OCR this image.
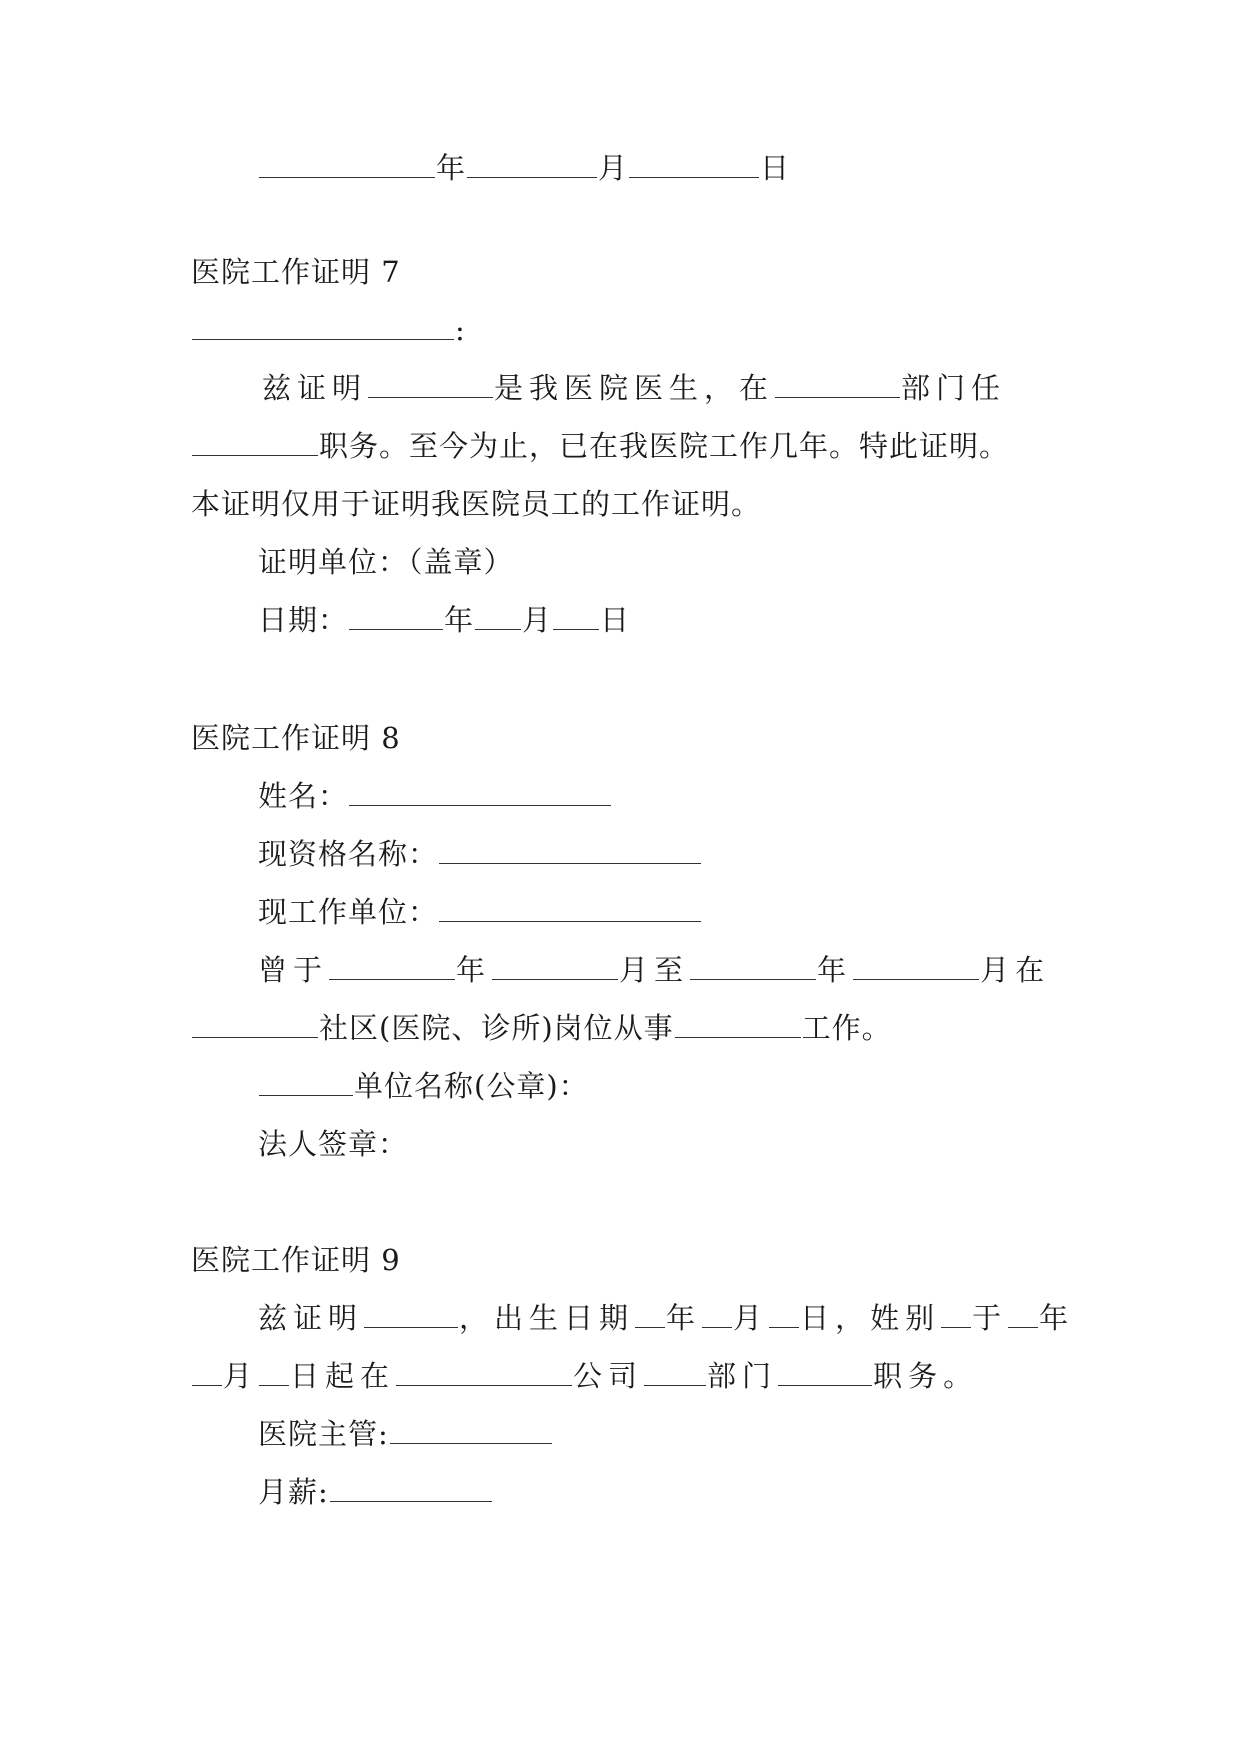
年	月	日
医院工作证明 7
:
兹证明	是我医院医生，在	部门任
职务。至今为止，已在我医院工作几年。特此证明。
本证明仅用于证明我医院员工的工作证明。
证明单位：（盖章）
日期：	年 月 日
医院工作证明 8
姓名：
现资格名称：
现工作单位：
曾于	年	月至	年	月在
社区(医院、诊所)岗位从事	工作。
单位名称(公章)：
法人签章：
医院工作证明 9
兹证明	，出生日期 年 月 日，姓别 于 年
月 日起在	公司 部门	职务。
医院主管:
月薪:
